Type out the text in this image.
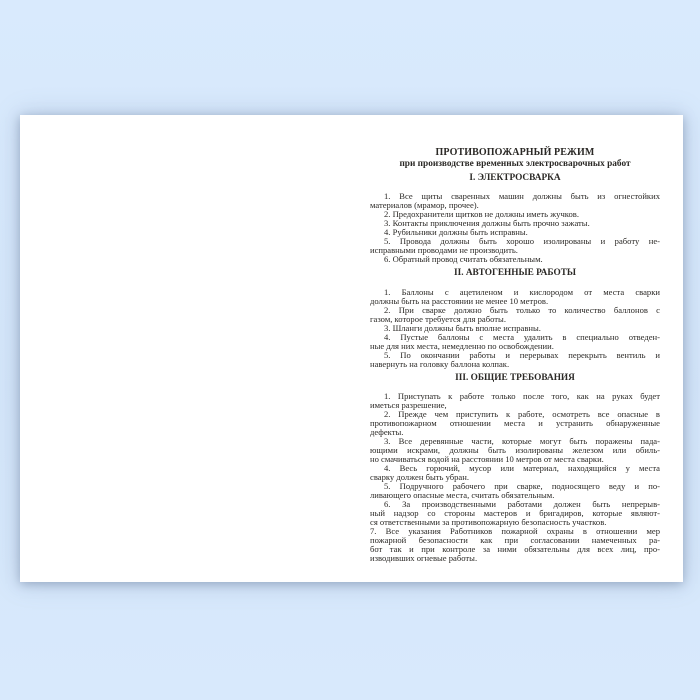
ПРОТИВОПОЖАРНЫЙ РЕЖИМ
при производстве временных электросварочных работ
I. ЭЛЕКТРОСВАРКА
1. Все щиты сваренных машин должны быть из огнестойких
материалов (мрамор, прочее).
2. Предохранители щитков не должны иметь жучков.
3. Контакты приключения должны быть прочно зажаты.
4. Рубильники должны быть исправны.
5. Провода должны быть хорошо изолированы и работу не-
исправными проводами не производить.
6. Обратный провод считать обязательным.
II. АВТОГЕННЫЕ РАБОТЫ
1. Баллоны с ацетиленом и кислородом от места сварки
должны быть на расстоянии не менее 10 метров.
2. При сварке должно быть только то количество баллонов с
газом, которое требуется для работы.
3. Шланги должны быть вполне исправны.
4. Пустые баллоны с места удалить в специально отведен-
ные для них места, немедленно по освобождении.
5. По окончании работы и перерывах перекрыть вентиль и
навернуть на головку баллона колпак.
III. ОБЩИЕ ТРЕБОВАНИЯ
1. Приступать к работе только после того, как на руках будет
иметься разрешение,
2. Прежде чем приступить к работе, осмотреть все опасные в
противопожарном отношении места и устранить обнаруженные
дефекты.
3. Все деревянные части, которые могут быть поражены пада-
ющими искрами, должны быть изолированы железом или обиль-
но смачиваться водой на расстоянии 10 метров от места сварки.
4. Весь горючий, мусор или материал, находящийся у места
сварку должен быть убран.
5. Подручного рабочего при сварке, подносящего веду и по-
ливающего опасные места, считать обязательным.
6. За производственными работами должен быть непрерыв-
ный надзор со стороны мастеров и бригадиров, которые являют-
ся ответственными за противопожарную безопасность участков.
7. Все указания Работников пожарной охраны в отношении мер
пожарной безопасности как при согласовании намеченных ра-
бот так и при контроле за ними обязательны для всех лиц, про-
изводивших огневые работы.
